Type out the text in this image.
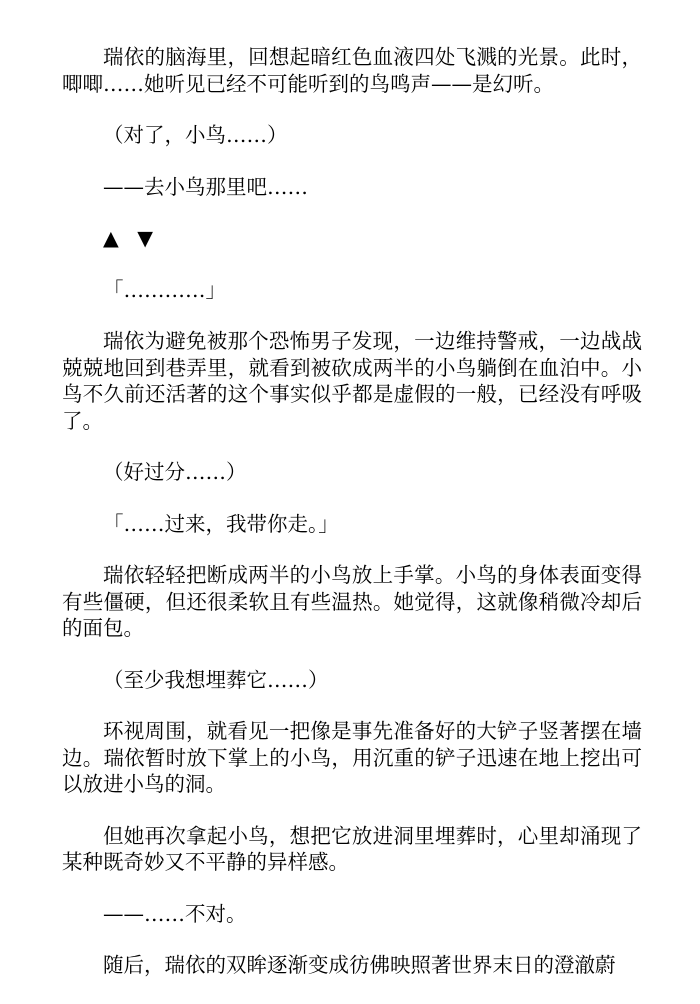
瑞依的脑海里，回想起暗红色血液四处飞溅的光景。此时，唧唧……她听见已经不可能听到的鸟鸣声——是幻听。

（对了，小鸟……）

——去小鸟那里吧……

▲ ▼

「…………」

瑞依为避免被那个恐怖男子发现，一边维持警戒，一边战战兢兢地回到巷弄里，就看到被砍成两半的小鸟躺倒在血泊中。小鸟不久前还活著的这个事实似乎都是虚假的一般，已经没有呼吸了。

（好过分……）

「……过来，我带你走。」

瑞依轻轻把断成两半的小鸟放上手掌。小鸟的身体表面变得有些僵硬，但还很柔软且有些温热。她觉得，这就像稍微冷却后的面包。

（至少我想埋葬它……）

环视周围，就看见一把像是事先准备好的大铲子竖著摆在墙边。瑞依暂时放下掌上的小鸟，用沉重的铲子迅速在地上挖出可以放进小鸟的洞。

但她再次拿起小鸟，想把它放进洞里埋葬时，心里却涌现了某种既奇妙又不平静的异样感。

——……不对。

随后，瑞依的双眸逐渐变成彷佛映照著世界末日的澄澈蔚
